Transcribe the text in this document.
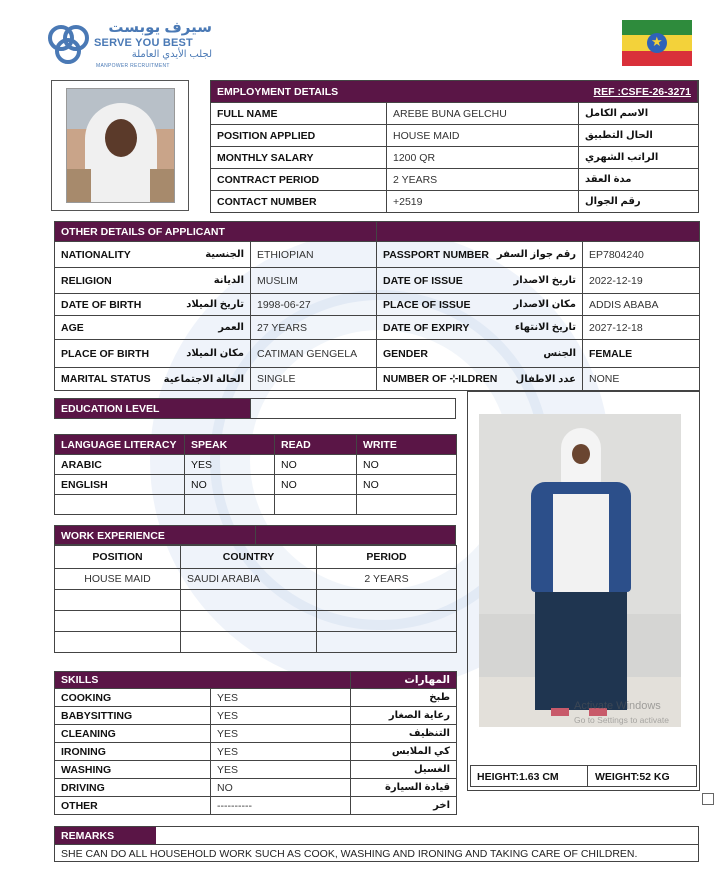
سيرف يوبست
SERVE YOU BEST
لجلب الأيدي العاملة
MANPOWER RECRUITMENT
★
EMPLOYMENT DETAILS	REF :CSFE-26-3271
FULL NAME	AREBE BUNA GELCHU	الاسم الكامل
POSITION APPLIED	HOUSE MAID	الحال التطبيق
MONTHLY SALARY	1200 QR	الراتب الشهري
CONTRACT PERIOD	2 YEARS	مدة العقد
CONTACT NUMBER	+2519	رقم الجوال
OTHER DETAILS OF APPLICANT
NATIONALITY	الجنسية	ETHIOPIAN	PASSPORT NUMBER رقم جواز السفر	EP7804240
RELIGION	الديانة	MUSLIM	DATE OF ISSUE	تاريخ الاصدار	2022-12-19
DATE OF BIRTH	تاريخ الميلاد	1998-06-27	PLACE OF ISSUE	مكان الاصدار	ADDIS ABABA
AGE	العمر	27 YEARS	DATE OF EXPIRY	تاريخ الانتهاء	2027-12-18
PLACE OF BIRTH	مكان الميلاد	CATIMAN GENGELA	GENDER	الجنس	FEMALE
MARITAL STATUS الحالة الاجتماعية	SINGLE	NUMBER OF ⊹ILDREN عدد الاطفال	NONE
EDUCATION LEVEL
LANGUAGE LITERACY	SPEAK	READ	WRITE
ARABIC	YES	NO	NO
ENGLISH	NO	NO	NO

WORK EXPERIENCE
POSITION	COUNTRY	PERIOD
HOUSE MAID	SAUDI ARABIA	2 YEARS

SKILLS		المهارات
COOKING	YES	طبخ
BABYSITTING	YES	رعاية الصغار
CLEANING	YES	التنظيف
IRONING	YES	كي الملابس
WASHING	YES	الغسيل
DRIVING	NO	قيادة السيارة
OTHER	----------	اخر
Activate Windows
Go to Settings to activate
HEIGHT:1.63 CM	WEIGHT:52 KG
REMARKS
SHE CAN DO ALL HOUSEHOLD WORK SUCH AS COOK, WASHING AND IRONING AND TAKING CARE OF CHILDREN.
